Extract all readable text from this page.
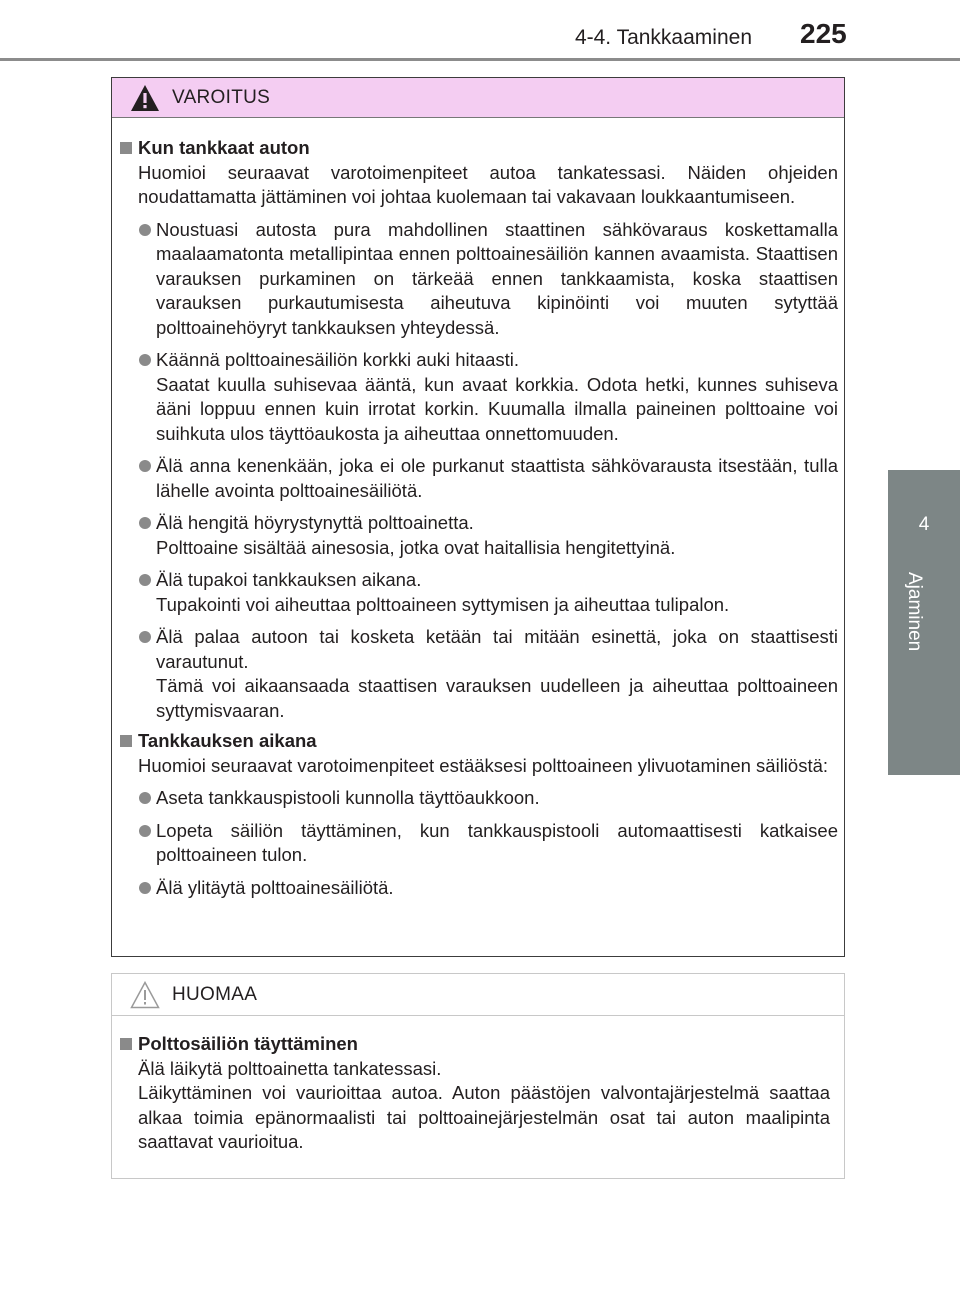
4-4. Tankkaaminen 225
4
Ajaminen
VAROITUS
Kun tankkaat auton
Huomioi seuraavat varotoimenpiteet autoa tankatessasi. Näiden ohjeiden noudattamatta jättäminen voi johtaa kuolemaan tai vakavaan loukkaantumiseen.
Noustuasi autosta pura mahdollinen staattinen sähkövaraus koskettamalla maalaamatonta metallipintaa ennen polttoainesäiliön kannen avaamista. Staattisen varauksen purkaminen on tärkeää ennen tankkaamista, koska staattisen varauksen purkautumisesta aiheutuva kipinöinti voi muuten sytyttää polttoainehöyryt tankkauksen yhteydessä.
Käännä polttoainesäiliön korkki auki hitaasti.
Saatat kuulla suhisevaa ääntä, kun avaat korkkia. Odota hetki, kunnes suhiseva ääni loppuu ennen kuin irrotat korkin. Kuumalla ilmalla paineinen polttoaine voi suihkuta ulos täyttöaukosta ja aiheuttaa onnettomuuden.
Älä anna kenenkään, joka ei ole purkanut staattista sähkövarausta itsestään, tulla lähelle avointa polttoainesäiliötä.
Älä hengitä höyrystynyttä polttoainetta.
Polttoaine sisältää ainesosia, jotka ovat haitallisia hengitettyinä.
Älä tupakoi tankkauksen aikana.
Tupakointi voi aiheuttaa polttoaineen syttymisen ja aiheuttaa tulipalon.
Älä palaa autoon tai kosketa ketään tai mitään esinettä, joka on staattisesti varautunut.
Tämä voi aikaansaada staattisen varauksen uudelleen ja aiheuttaa polttoaineen syttymisvaaran.
Tankkauksen aikana
Huomioi seuraavat varotoimenpiteet estääksesi polttoaineen ylivuotaminen säiliöstä:
Aseta tankkauspistooli kunnolla täyttöaukkoon.
Lopeta säiliön täyttäminen, kun tankkauspistooli automaattisesti katkaisee polttoaineen tulon.
Älä ylitäytä polttoainesäiliötä.
HUOMAA
Polttosäiliön täyttäminen
Älä läikytä polttoainetta tankatessasi.
Läikyttäminen voi vaurioittaa autoa. Auton päästöjen valvontajärjestelmä saattaa alkaa toimia epänormaalisti tai polttoainejärjestelmän osat tai auton maalipinta saattavat vaurioitua.
